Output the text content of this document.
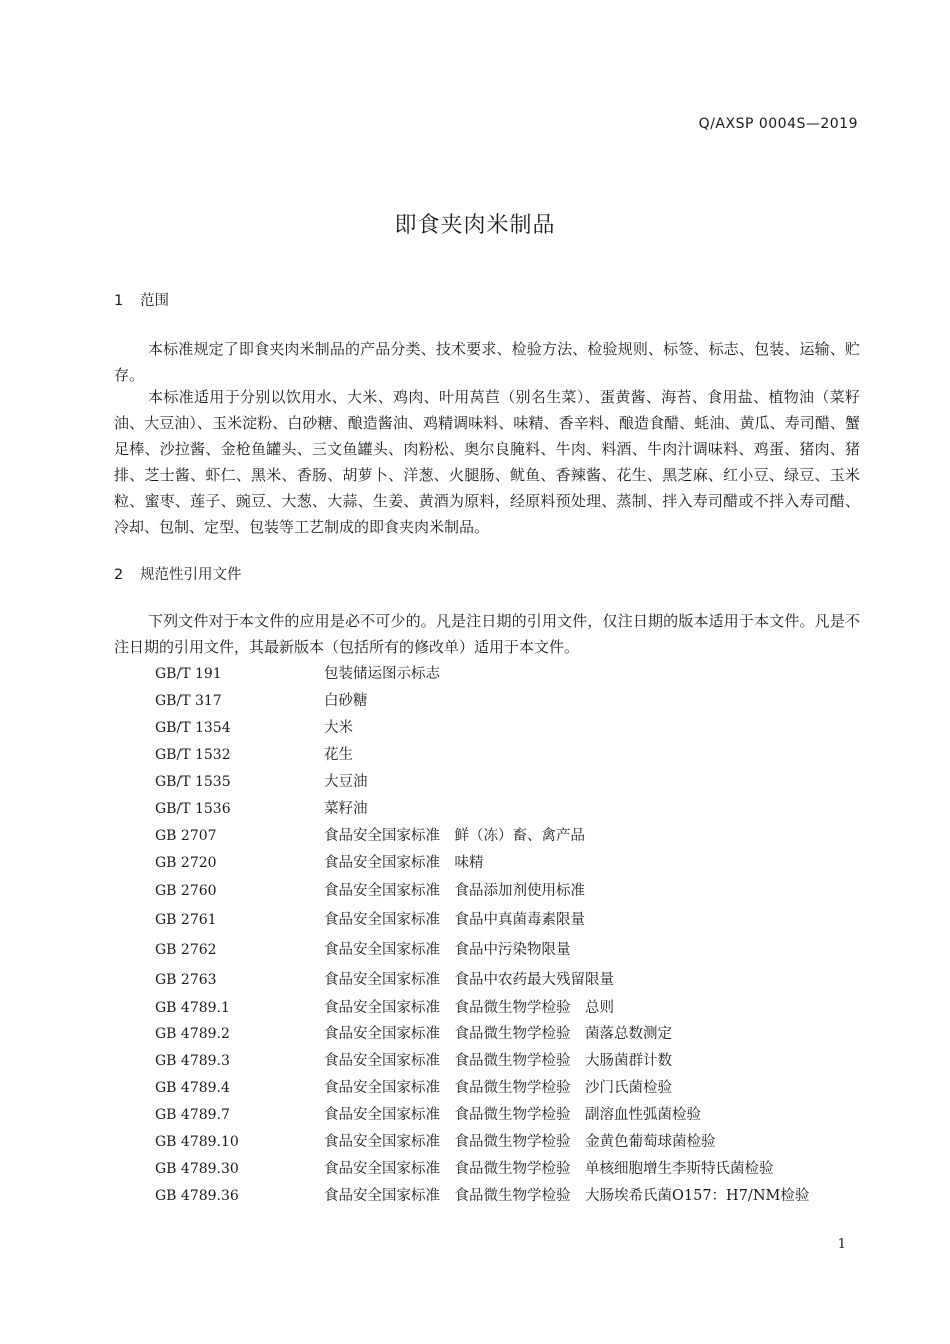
Q/AXSP 0004S—2019
即食夹肉米制品
1 范围

本标准规定了即食夹肉米制品的产品分类、技术要求、检验方法、检验规则、标签、标志、包装、运输、贮存。

本标准适用于分别以饮用水、大米、鸡肉、叶用莴苣（别名生菜）、蛋黄酱、海苔、食用盐、植物油（菜籽油、大豆油）、玉米淀粉、白砂糖、酿造酱油、鸡精调味料、味精、香辛料、酿造食醋、蚝油、黄瓜、寿司醋、蟹足棒、沙拉酱、金枪鱼罐头、三文鱼罐头、肉粉松、奥尔良腌料、牛肉、料酒、牛肉汁调味料、鸡蛋、猪肉、猪排、芝士酱、虾仁、黑米、香肠、胡萝卜、洋葱、火腿肠、鱿鱼、香辣酱、花生、黑芝麻、红小豆、绿豆、玉米粒、蜜枣、莲子、豌豆、大葱、大蒜、生姜、黄酒为原料，经原料预处理、蒸制、拌入寿司醋或不拌入寿司醋、冷却、包制、定型、包装等工艺制成的即食夹肉米制品。

2 规范性引用文件

下列文件对于本文件的应用是必不可少的。凡是注日期的引用文件，仅注日期的版本适用于本文件。凡是不注日期的引用文件，其最新版本（包括所有的修改单）适用于本文件。

GB/T 191	包装储运图示标志
GB/T 317	白砂糖
GB/T 1354	大米
GB/T 1532	花生
GB/T 1535	大豆油
GB/T 1536	菜籽油
GB 2707	食品安全国家标准　鲜（冻）畜、禽产品
GB 2720	食品安全国家标准　味精
GB 2760	食品安全国家标准　食品添加剂使用标准
GB 2761	食品安全国家标准　食品中真菌毒素限量
GB 2762	食品安全国家标准　食品中污染物限量
GB 2763	食品安全国家标准　食品中农药最大残留限量
GB 4789.1	食品安全国家标准　食品微生物学检验　总则
GB 4789.2	食品安全国家标准　食品微生物学检验　菌落总数测定
GB 4789.3	食品安全国家标准　食品微生物学检验　大肠菌群计数
GB 4789.4	食品安全国家标准　食品微生物学检验　沙门氏菌检验
GB 4789.7	食品安全国家标准　食品微生物学检验　副溶血性弧菌检验
GB 4789.10	食品安全国家标准　食品微生物学检验　金黄色葡萄球菌检验
GB 4789.30	食品安全国家标准　食品微生物学检验　单核细胞增生李斯特氏菌检验
GB 4789.36	食品安全国家标准　食品微生物学检验　大肠埃希氏菌O157：H7/NM检验
1
